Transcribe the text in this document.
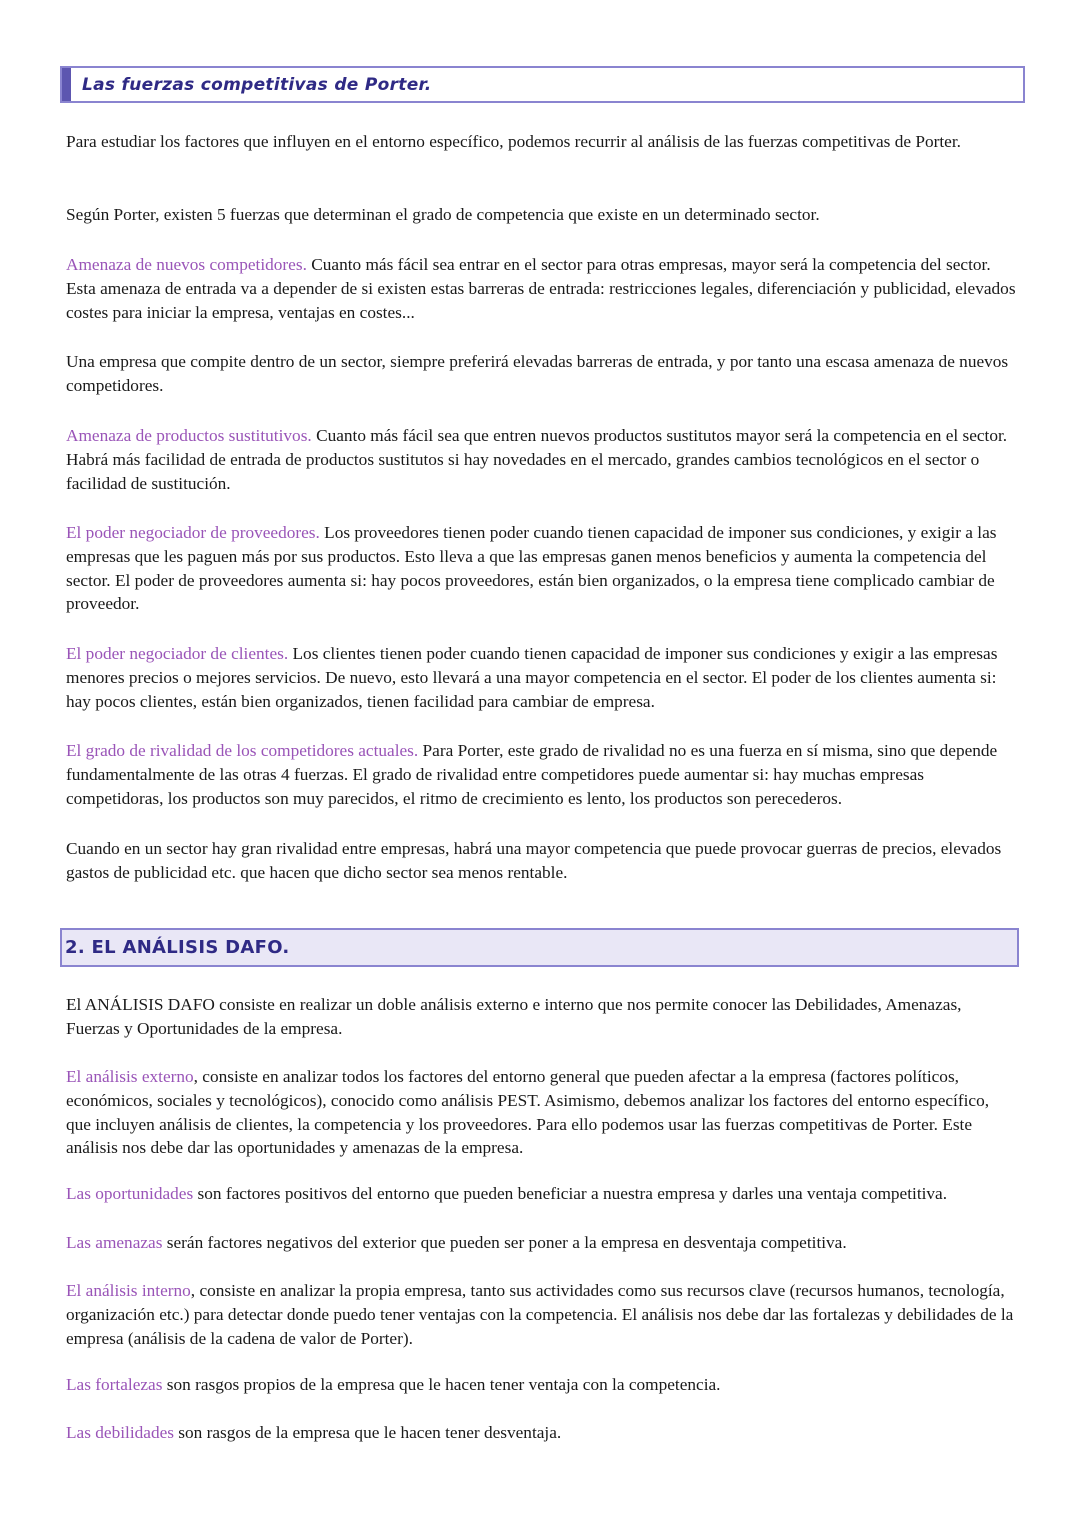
Las fuerzas competitivas de Porter.

Para estudiar los factores que influyen en el entorno específico, podemos recurrir al análisis de las fuerzas competitivas de Porter.

Según Porter, existen 5 fuerzas que determinan el grado de competencia que existe en un determinado sector.

Amenaza de nuevos competidores. Cuanto más fácil sea entrar en el sector para otras empresas, mayor será la competencia del sector. Esta amenaza de entrada va a depender de si existen estas barreras de entrada: restricciones legales, diferenciación y publicidad, elevados costes para iniciar la empresa, ventajas en costes...

Una empresa que compite dentro de un sector, siempre preferirá elevadas barreras de entrada, y por tanto una escasa amenaza de nuevos competidores.

Amenaza de productos sustitutivos. Cuanto más fácil sea que entren nuevos productos sustitutos mayor será la competencia en el sector. Habrá más facilidad de entrada de productos sustitutos si hay novedades en el mercado, grandes cambios tecnológicos en el sector o facilidad de sustitución.

El poder negociador de proveedores. Los proveedores tienen poder cuando tienen capacidad de imponer sus condiciones, y exigir a las empresas que les paguen más por sus productos. Esto lleva a que las empresas ganen menos beneficios y aumenta la competencia del sector. El poder de proveedores aumenta si: hay pocos proveedores, están bien organizados, o la empresa tiene complicado cambiar de proveedor.

El poder negociador de clientes. Los clientes tienen poder cuando tienen capacidad de imponer sus condiciones y exigir a las empresas menores precios o mejores servicios. De nuevo, esto llevará a una mayor competencia en el sector. El poder de los clientes aumenta si: hay pocos clientes, están bien organizados, tienen facilidad para cambiar de empresa.

El grado de rivalidad de los competidores actuales. Para Porter, este grado de rivalidad no es una fuerza en sí misma, sino que depende fundamentalmente de las otras 4 fuerzas. El grado de rivalidad entre competidores puede aumentar si: hay muchas empresas competidoras, los productos son muy parecidos, el ritmo de crecimiento es lento, los productos son perecederos.

Cuando en un sector hay gran rivalidad entre empresas, habrá una mayor competencia que puede provocar guerras de precios, elevados gastos de publicidad etc. que hacen que dicho sector sea menos rentable.

2. EL ANÁLISIS DAFO.

El ANÁLISIS DAFO consiste en realizar un doble análisis externo e interno que nos permite conocer las Debilidades, Amenazas, Fuerzas y Oportunidades de la empresa.

El análisis externo, consiste en analizar todos los factores del entorno general que pueden afectar a la empresa (factores políticos, económicos, sociales y tecnológicos), conocido como análisis PEST. Asimismo, debemos analizar los factores del entorno específico, que incluyen análisis de clientes, la competencia y los proveedores. Para ello podemos usar las fuerzas competitivas de Porter. Este análisis nos debe dar las oportunidades y amenazas de la empresa.

Las oportunidades son factores positivos del entorno que pueden beneficiar a nuestra empresa y darles una ventaja competitiva.

Las amenazas serán factores negativos del exterior que pueden ser poner a la empresa en desventaja competitiva.

El análisis interno, consiste en analizar la propia empresa, tanto sus actividades como sus recursos clave (recursos humanos, tecnología, organización etc.) para detectar donde puedo tener ventajas con la competencia. El análisis nos debe dar las fortalezas y debilidades de la empresa (análisis de la cadena de valor de Porter).

Las fortalezas son rasgos propios de la empresa que le hacen tener ventaja con la competencia.

Las debilidades son rasgos de la empresa que le hacen tener desventaja.
